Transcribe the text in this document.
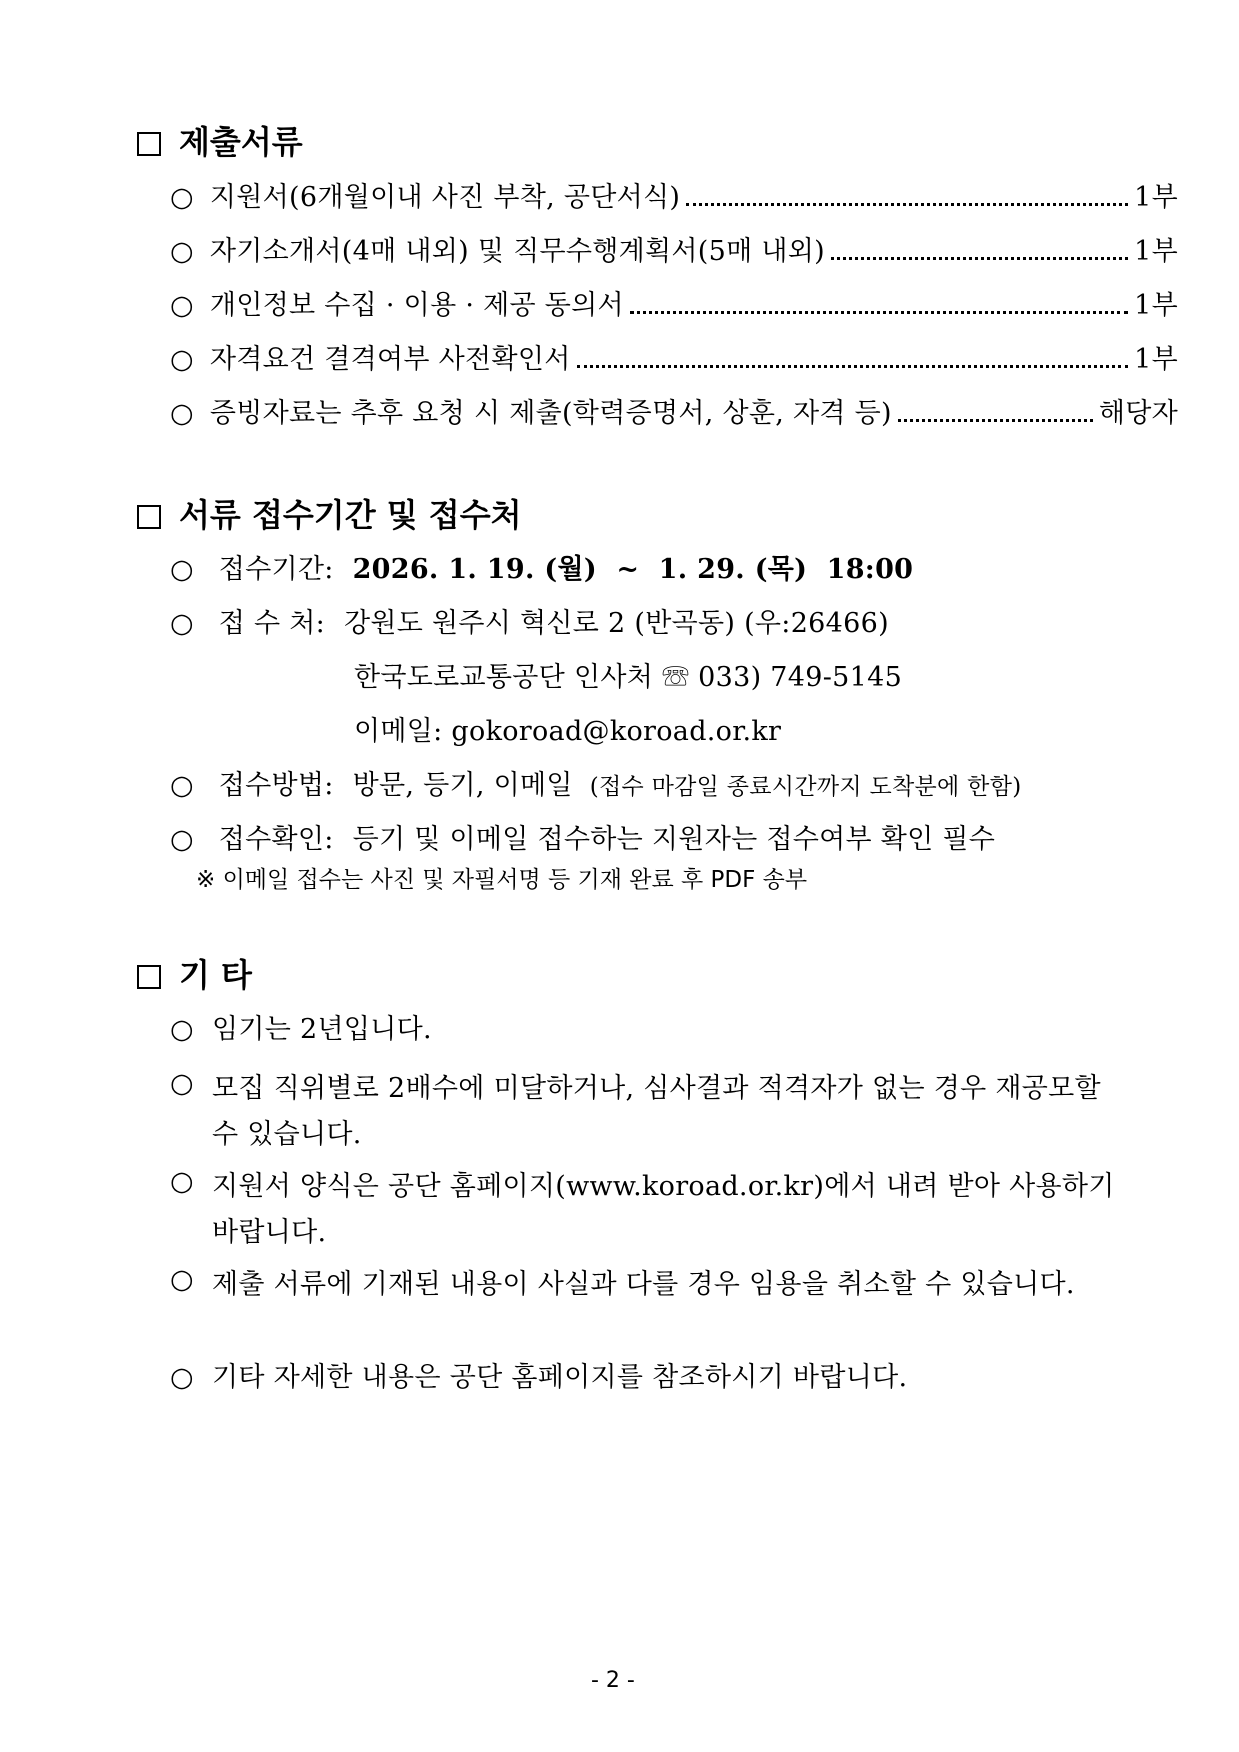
제출서류
○ 지원서(6개월이내 사진 부착, 공단서식)	1부
○ 자기소개서(4매 내외) 및 직무수행계획서(5매 내외)	1부
○ 개인정보 수집 · 이용 · 제공 동의서	1부
○ 자격요건 결격여부 사전확인서	1부
○ 증빙자료는 추후 요청 시 제출(학력증명서, 상훈, 자격 등)	해당자
서류 접수기간 및 접수처
○ 접수기간: 2026. 1. 19. (월)  ~  1. 29. (목)  18:00
○ 접 수 처: 강원도 원주시 혁신로 2 (반곡동) (우:26466)
한국도로교통공단 인사처 ☏ 033) 749-5145
이메일: gokoroad@koroad.or.kr
○ 접수방법: 방문, 등기, 이메일 (접수 마감일 종료시간까지 도착분에 한함)
○ 접수확인: 등기 및 이메일 접수하는 지원자는 접수여부 확인 필수
※ 이메일 접수는 사진 및 자필서명 등 기재 완료 후 PDF 송부
기 타
○ 임기는 2년입니다.
○ 모집 직위별로 2배수에 미달하거나, 심사결과 적격자가 없는 경우 재공모할 수 있습니다.
○ 지원서 양식은 공단 홈페이지(www.koroad.or.kr)에서 내려 받아 사용하기 바랍니다.
○ 제출 서류에 기재된 내용이 사실과 다를 경우 임용을 취소할 수 있습니다.
○ 기타 자세한 내용은 공단 홈페이지를 참조하시기 바랍니다.
- 2 -
